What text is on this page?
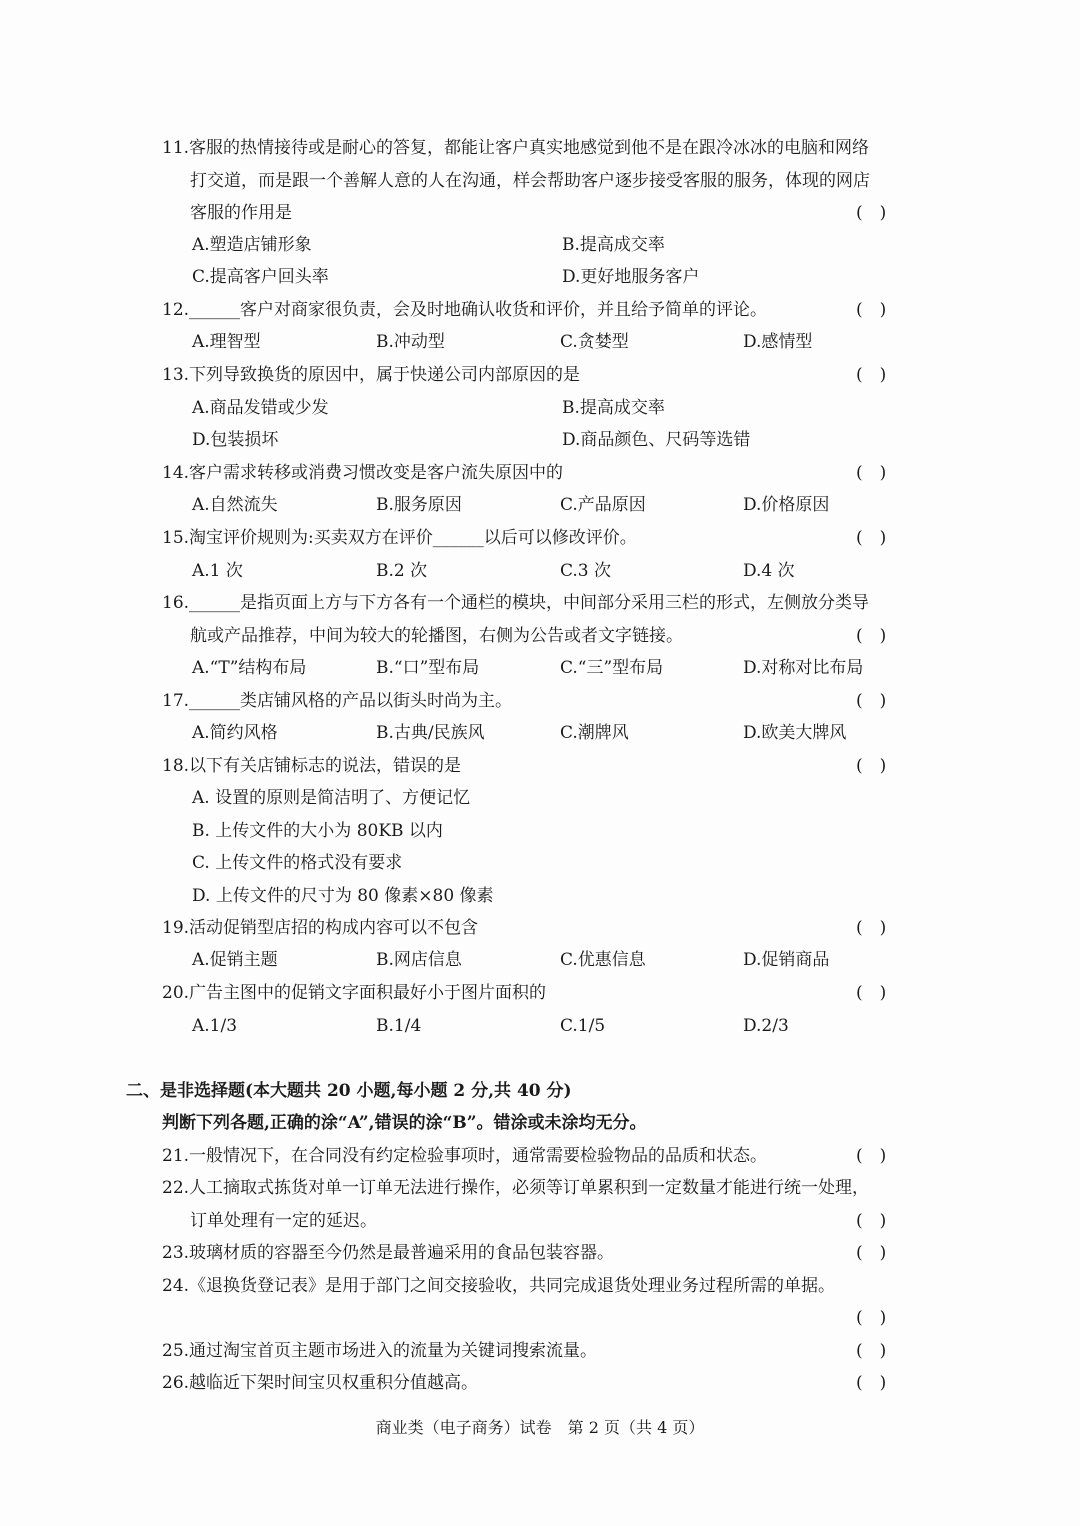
11.客服的热情接待或是耐心的答复，都能让客户真实地感觉到他不是在跟冷冰冰的电脑和网络
打交道，而是跟一个善解人意的人在沟通，样会帮助客户逐步接受客服的服务，体现的网店
客服的作用是	(　)
A.塑造店铺形象	B.提高成交率
C.提高客户回头率	D.更好地服务客户
12.______客户对商家很负责，会及时地确认收货和评价，并且给予简单的评论。	(　)
A.理智型	B.冲动型	C.贪婪型	D.感情型
13.下列导致换货的原因中，属于快递公司内部原因的是	(　)
A.商品发错或少发	B.提高成交率
D.包装损坏	D.商品颜色、尺码等选错
14.客户需求转移或消费习惯改变是客户流失原因中的	(　)
A.自然流失	B.服务原因	C.产品原因	D.价格原因
15.淘宝评价规则为:买卖双方在评价______以后可以修改评价。	(　)
A.1 次	B.2 次	C.3 次	D.4 次
16.______是指页面上方与下方各有一个通栏的模块，中间部分采用三栏的形式，左侧放分类导
航或产品推荐，中间为较大的轮播图，右侧为公告或者文字链接。	(　)
A.“T”结构布局	B.“口”型布局	C.“三”型布局	D.对称对比布局
17.______类店铺风格的产品以街头时尚为主。	(　)
A.简约风格	B.古典/民族风	C.潮牌风	D.欧美大牌风
18.以下有关店铺标志的说法，错误的是	(　)
A. 设置的原则是简洁明了、方便记忆
B. 上传文件的大小为 80KB 以内
C. 上传文件的格式没有要求
D. 上传文件的尺寸为 80 像素×80 像素
19.活动促销型店招的构成内容可以不包含	(　)
A.促销主题	B.网店信息	C.优惠信息	D.促销商品
20.广告主图中的促销文字面积最好小于图片面积的	(　)
A.1/3	B.1/4	C.1/5	D.2/3
二、是非选择题(本大题共 20 小题,每小题 2 分,共 40 分)
判断下列各题,正确的涂“A”,错误的涂“B”。错涂或未涂均无分。
21.一般情况下，在合同没有约定检验事项时，通常需要检验物品的品质和状态。	(　)
22.人工摘取式拣货对单一订单无法进行操作，必须等订单累积到一定数量才能进行统一处理，
订单处理有一定的延迟。	(　)
23.玻璃材质的容器至今仍然是最普遍采用的食品包装容器。	(　)
24.《退换货登记表》是用于部门之间交接验收，共同完成退货处理业务过程所需的单据。
(　)
25.通过淘宝首页主题市场进入的流量为关键词搜索流量。	(　)
26.越临近下架时间宝贝权重积分值越高。	(　)
商业类（电子商务）试卷　第 2 页（共 4 页）
